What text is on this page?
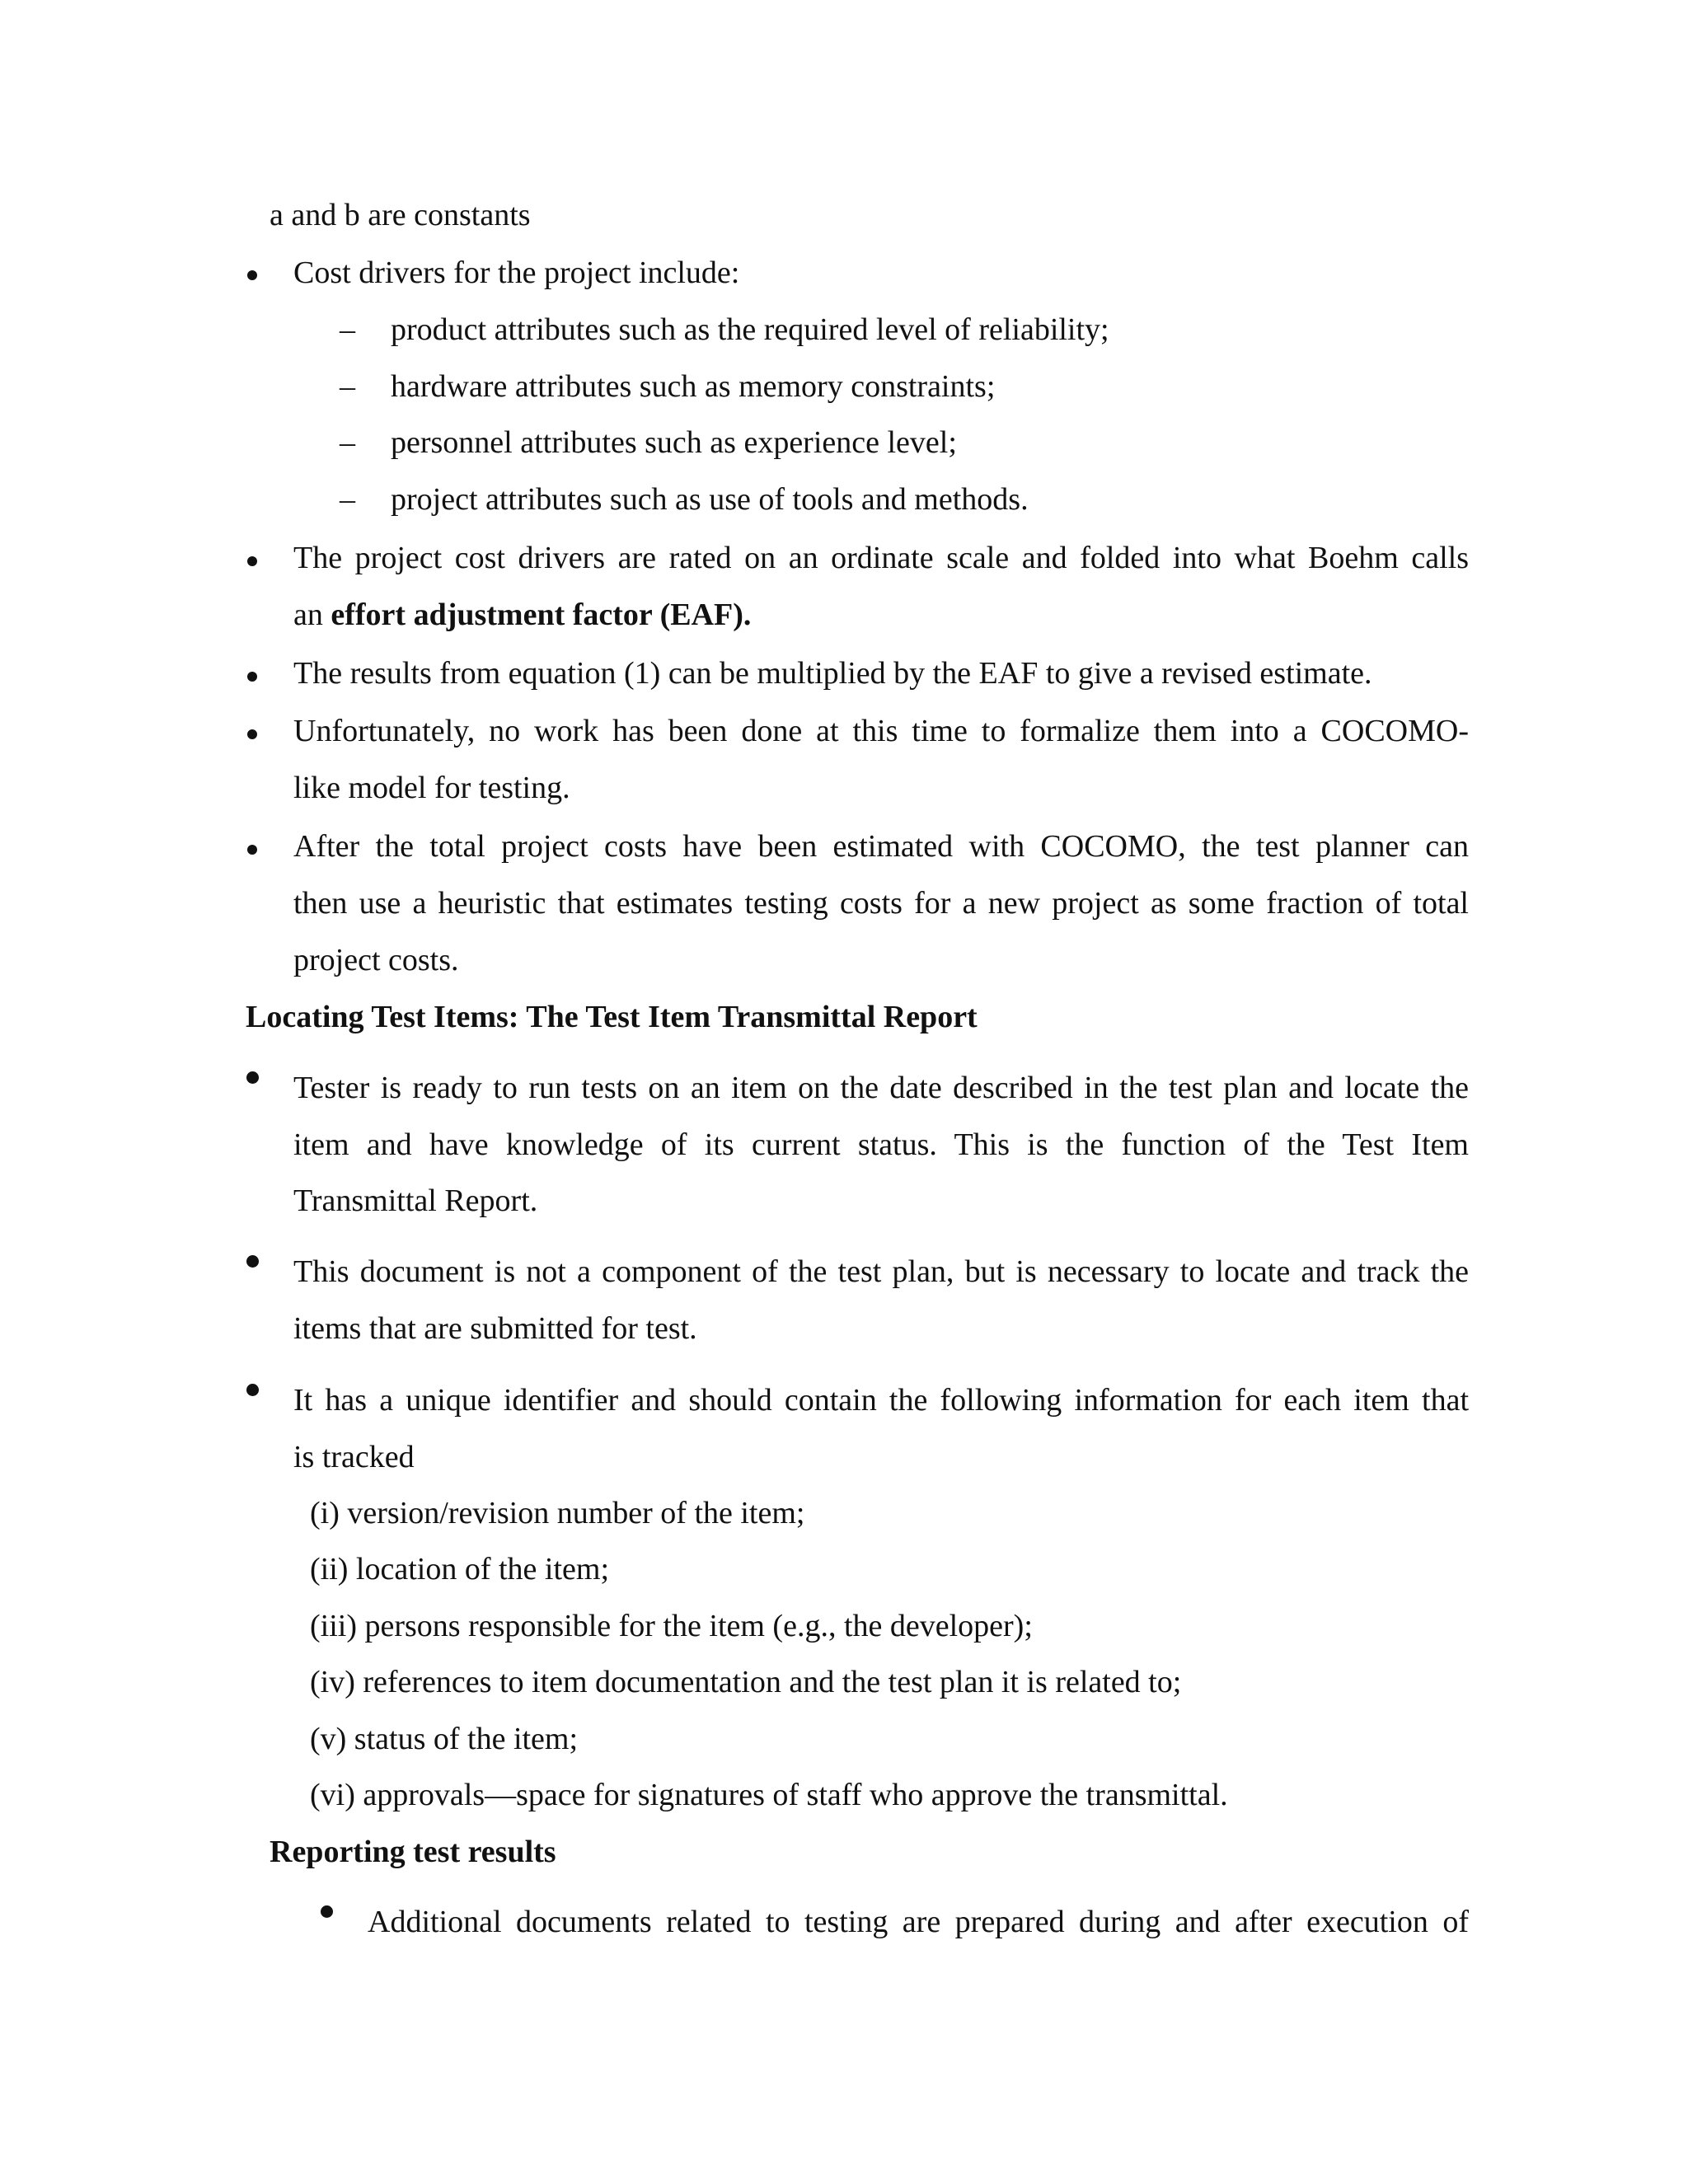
a and b are constants
Cost drivers for the project include:
– product attributes such as the required level of reliability;
– hardware attributes such as memory constraints;
– personnel attributes such as experience level;
– project attributes such as use of tools and methods.
The project cost drivers are rated on an ordinate scale and folded into what Boehm calls
an effort adjustment factor (EAF).
The results from equation (1) can be multiplied by the EAF to give a revised estimate.
Unfortunately, no work has been done at this time to formalize them into a COCOMO-
like model for testing.
After the total project costs have been estimated with COCOMO, the test planner can
then use a heuristic that estimates testing costs for a new project as some fraction of total
project costs.
Locating Test Items: The Test Item Transmittal Report
Tester is ready to run tests on an item on the date described in the test plan and locate the
item and have knowledge of its current status. This is the function of the Test Item
Transmittal Report.
This document is not a component of the test plan, but is necessary to locate and track the
items that are submitted for test.
It has a unique identifier and should contain the following information for each item that
is tracked
(i) version/revision number of the item;
(ii) location of the item;
(iii) persons responsible for the item (e.g., the developer);
(iv) references to item documentation and the test plan it is related to;
(v) status of the item;
(vi) approvals—space for signatures of staff who approve the transmittal.
Reporting test results
Additional documents related to testing are prepared during and after execution of
